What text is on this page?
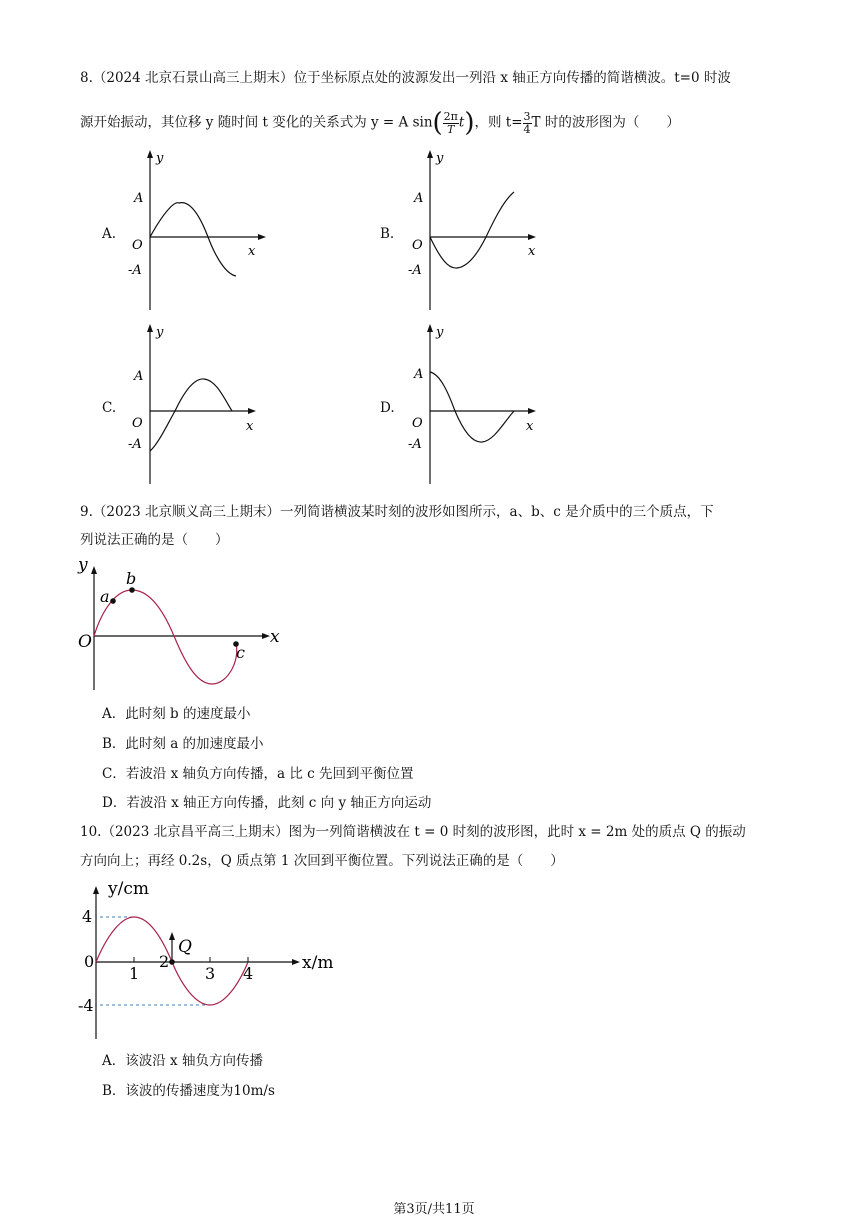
8.（2024 北京石景山高三上期末）位于坐标原点处的波源发出一列沿 x 轴正方向传播的简谐横波。t=0 时波
源开始振动，其位移 y 随时间 t 变化的关系式为 y = A $\sin( \frac{2\pi}{T} t)$，则 $t= \frac{3}{4}$ T 时的波形图为（　　）
A.	B.
C.	D.
y
A
O
-A
x
y
A
O
-A
x
y
A
O
-A
x
y
A
O
-A
x
9.（2023 北京顺义高三上期末）一列简谐横波某时刻的波形如图所示，a、b、c 是介质中的三个质点，下
列说法正确的是（　　）
y
O	x
a
b
c
A．此时刻 b 的速度最小
B．此时刻 a 的加速度最小
C．若波沿 x 轴负方向传播，a 比 c 先回到平衡位置
D．若波沿 x 轴正方向传播，此刻 c 向 y 轴正方向运动
10.（2023 北京昌平高三上期末）图为一列简谐横波在 t = 0 时刻的波形图，此时 x = 2m 处的质点 Q 的振动
方向向上；再经 0.2s，Q 质点第 1 次回到平衡位置。下列说法正确的是（　　）
y/cm
x/m
Q
4
0
-4
1
2
3 4
A．该波沿 x 轴负方向传播
B．该波的传播速度为10m/s
第3页/共11页
